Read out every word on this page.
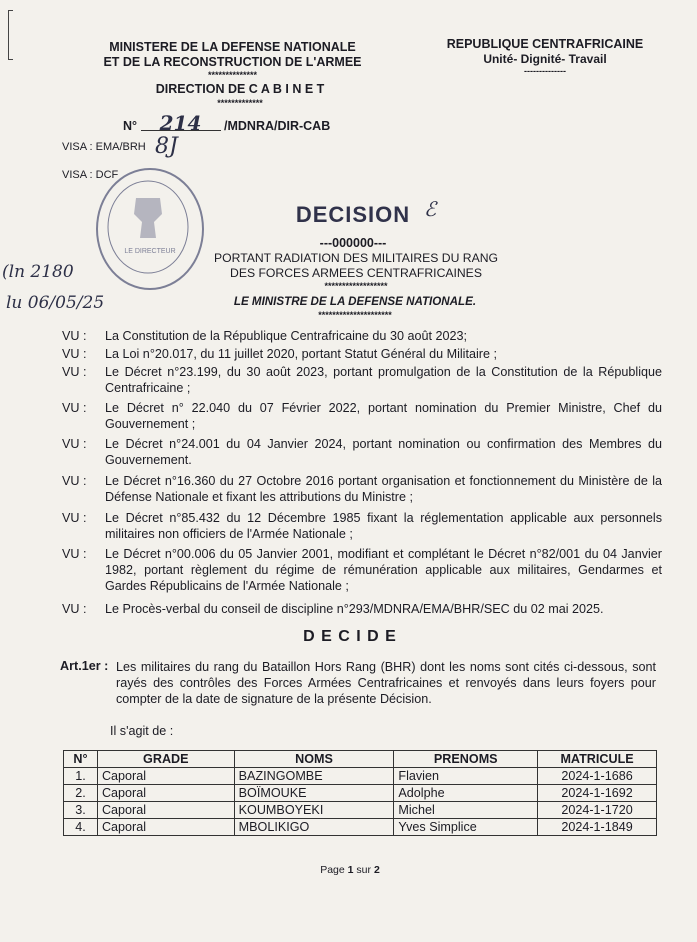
MINISTERE DE LA DEFENSE NATIONALE
ET DE LA RECONSTRUCTION DE L'ARMEE
**************
DIRECTION DE C A B I N E T
*************
N° 214 /MDNRA/DIR-CAB
REPUBLIQUE CENTRAFRICAINE
Unité- Dignité- Travail
--------------
VISA : EMA/BRH 8J
VISA : DCF
LE DIRECTEUR
(ln 2180
lu 06/05/25
DECISION ℰ
---000000---
PORTANT RADIATION DES MILITAIRES DU RANG
DES FORCES ARMEES CENTRAFRICAINES
******************
LE MINISTRE DE LA DEFENSE NATIONALE.
*********************
VU :	La Constitution de la République Centrafricaine du 30 août 2023;
VU :	La Loi n°20.017, du 11 juillet 2020, portant Statut Général du Militaire ;
VU :	Le Décret n°23.199, du 30 août 2023, portant promulgation de la Constitution de la République Centrafricaine ;
VU :	Le Décret n° 22.040 du 07 Février 2022, portant nomination du Premier Ministre, Chef du Gouvernement ;
VU :	Le Décret n°24.001 du 04 Janvier 2024, portant nomination ou confirmation des Membres du Gouvernement.
VU :	Le Décret n°16.360 du 27 Octobre 2016 portant organisation et fonctionnement du Ministère de la Défense Nationale et fixant les attributions du Ministre ;
VU :	Le Décret n°85.432 du 12 Décembre 1985 fixant la réglementation applicable aux personnels militaires non officiers de l'Armée Nationale ;
VU :	Le Décret n°00.006 du 05 Janvier 2001, modifiant et complétant le Décret n°82/001 du 04 Janvier 1982, portant règlement du régime de rémunération applicable aux militaires, Gendarmes et Gardes Républicains de l'Armée Nationale ;
VU :	Le Procès-verbal du conseil de discipline n°293/MDNRA/EMA/BHR/SEC du 02 mai 2025.
D E C I D E
Art.1er : Les militaires du rang du Bataillon Hors Rang (BHR) dont les noms sont cités ci-dessous, sont rayés des contrôles des Forces Armées Centrafricaines et renvoyés dans leurs foyers pour compter de la date de signature de la présente Décision.
Il s'agit de :
N°	GRADE	NOMS	PRENOMS	MATRICULE
1.	Caporal	BAZINGOMBE	Flavien	2024-1-1686
2.	Caporal	BOÏMOUKE	Adolphe	2024-1-1692
3.	Caporal	KOUMBOYEKI	Michel	2024-1-1720
4.	Caporal	MBOLIKIGO	Yves Simplice	2024-1-1849
Page 1 sur 2
